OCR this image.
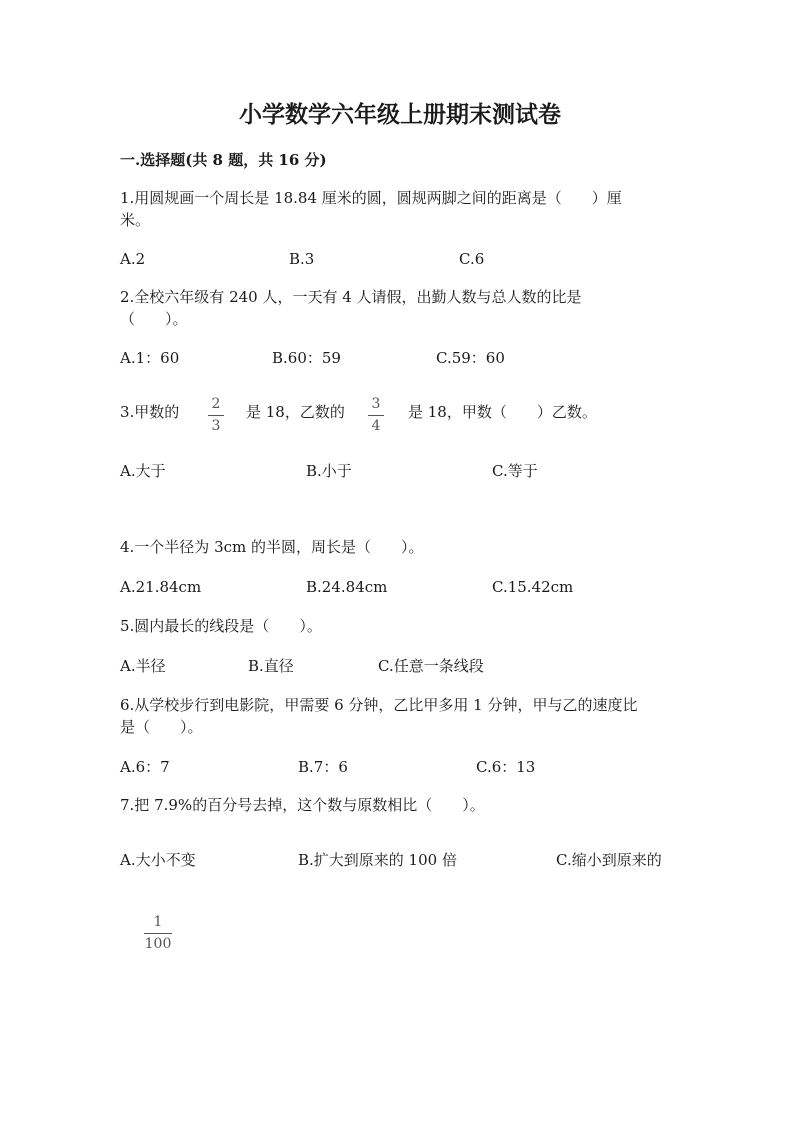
小学数学六年级上册期末测试卷
一.选择题(共 8 题，共 16 分)
1.用圆规画一个周长是 18.84 厘米的圆，圆规两脚之间的距离是（　　）厘
米。
A.2	B.3	C.6
2.全校六年级有 240 人，一天有 4 人请假，出勤人数与总人数的比是
（　　）。
A.1：60	B.60：59	C.59：60
3.甲数的 2
3
是 18，乙数的 3
4
是 18，甲数（　　）乙数。
A.大于	B.小于	C.等于
4.一个半径为 3cm 的半圆，周长是（　　）。
A.21.84cm	B.24.84cm	C.15.42cm
5.圆内最长的线段是（　　）。
A.半径	B.直径	C.任意一条线段
6.从学校步行到电影院，甲需要 6 分钟，乙比甲多用 1 分钟，甲与乙的速度比
是（　　）。
A.6：7	B.7：6	C.6：13
7.把 7.9%的百分号去掉，这个数与原数相比（　　）。
A.大小不变	B.扩大到原来的 100 倍	C.缩小到原来的
1
100
